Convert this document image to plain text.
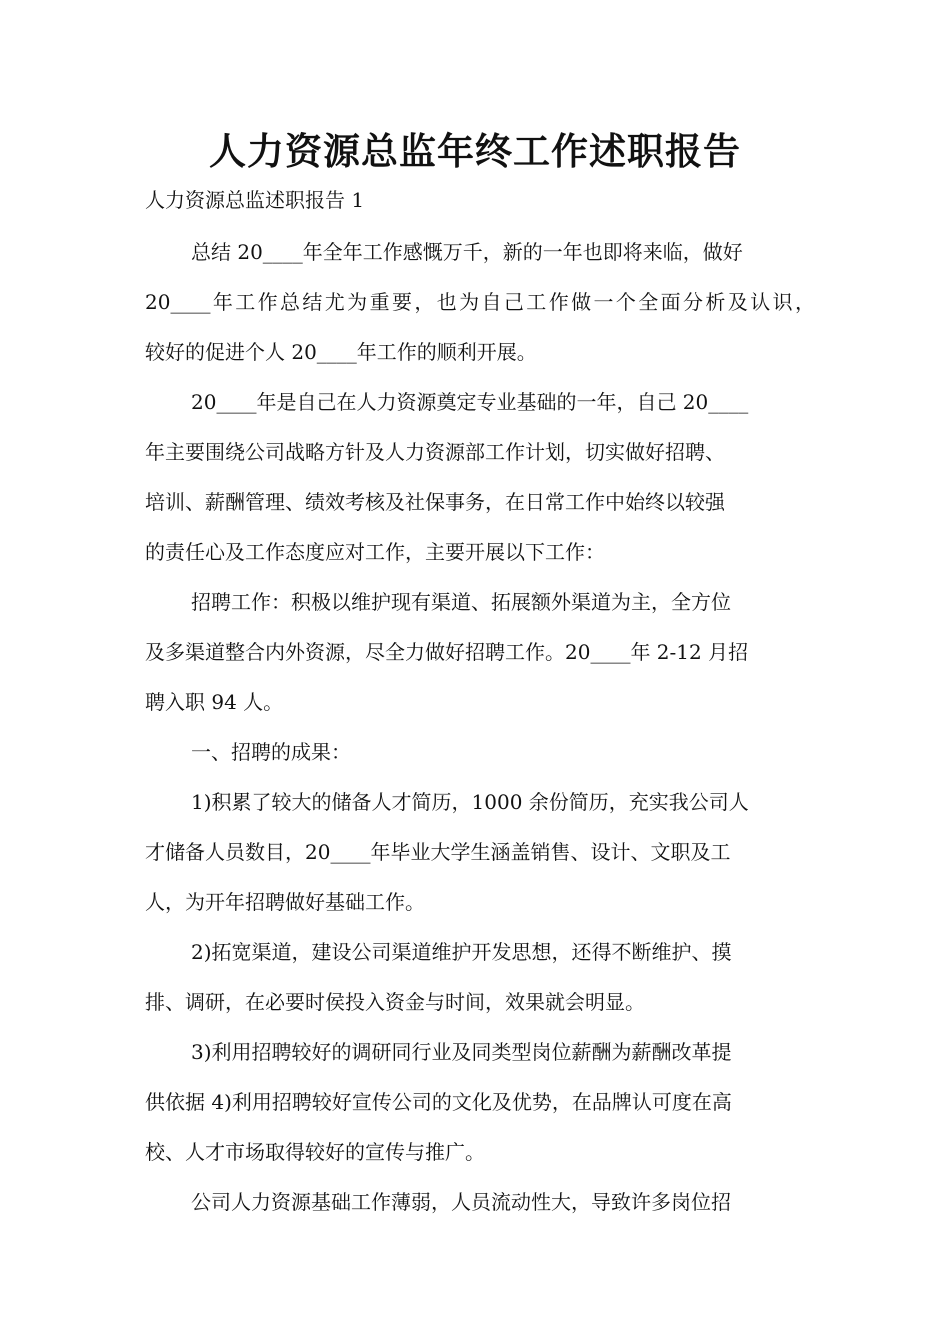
人力资源总监年终工作述职报告

人力资源总监述职报告 1

总结 20____年全年工作感慨万千，新的一年也即将来临，做好

20____年工作总结尤为重要，也为自己工作做一个全面分析及认识，

较好的促进个人 20____年工作的顺利开展。

20____年是自己在人力资源奠定专业基础的一年，自己 20____

年主要围绕公司战略方针及人力资源部工作计划，切实做好招聘、

培训、薪酬管理、绩效考核及社保事务，在日常工作中始终以较强

的责任心及工作态度应对工作，主要开展以下工作：

招聘工作：积极以维护现有渠道、拓展额外渠道为主，全方位

及多渠道整合内外资源，尽全力做好招聘工作。20____年 2-12 月招

聘入职 94 人。

一、招聘的成果：

1)积累了较大的储备人才简历，1000 余份简历，充实我公司人

才储备人员数目，20____年毕业大学生涵盖销售、设计、文职及工

人，为开年招聘做好基础工作。

2)拓宽渠道，建设公司渠道维护开发思想，还得不断维护、摸

排、调研，在必要时侯投入资金与时间，效果就会明显。

3)利用招聘较好的调研同行业及同类型岗位薪酬为薪酬改革提

供依据 4)利用招聘较好宣传公司的文化及优势，在品牌认可度在高

校、人才市场取得较好的宣传与推广。

公司人力资源基础工作薄弱，人员流动性大，导致许多岗位招
